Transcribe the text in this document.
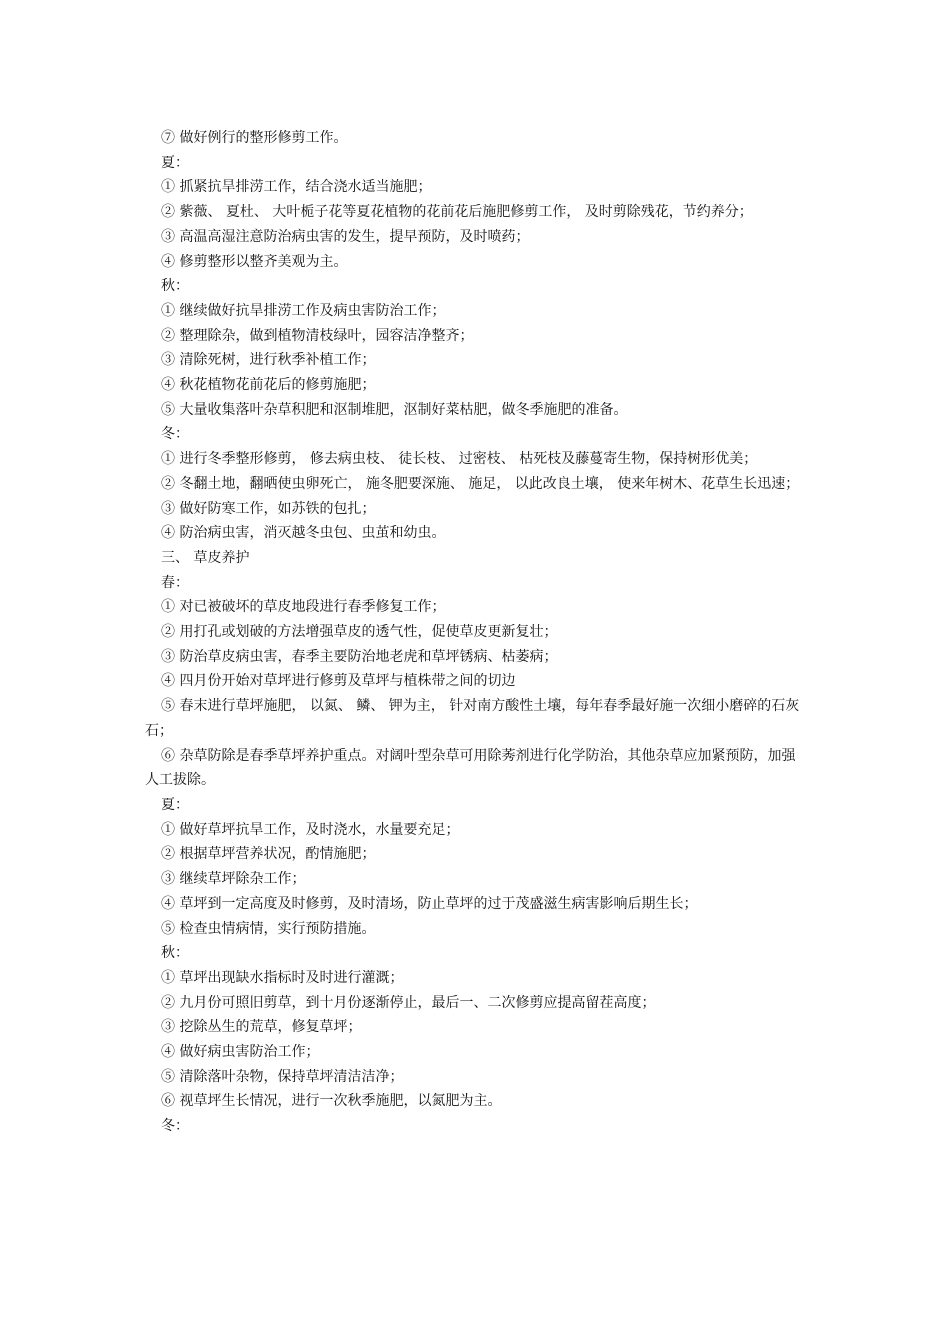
⑦ 做好例行的整形修剪工作。

夏：

① 抓紧抗旱排涝工作，结合浇水适当施肥；

② 紫薇、 夏杜、 大叶栀子花等夏花植物的花前花后施肥修剪工作， 及时剪除残花，节约养分；

③ 高温高湿注意防治病虫害的发生，提早预防，及时喷药；

④ 修剪整形以整齐美观为主。

秋：

① 继续做好抗旱排涝工作及病虫害防治工作；

② 整理除杂，做到植物清枝绿叶，园容洁净整齐；

③ 清除死树，进行秋季补植工作；

④ 秋花植物花前花后的修剪施肥；

⑤ 大量收集落叶杂草积肥和沤制堆肥，沤制好菜枯肥，做冬季施肥的准备。

冬：

① 进行冬季整形修剪， 修去病虫枝、 徒长枝、 过密枝、 枯死枝及藤蔓寄生物，保持树形优美；

② 冬翻土地，翻晒使虫卵死亡， 施冬肥要深施、 施足， 以此改良土壤， 使来年树木、花草生长迅速；

③ 做好防寒工作，如苏铁的包扎；

④ 防治病虫害，消灭越冬虫包、虫茧和幼虫。

三、 草皮养护

春：

① 对已被破坏的草皮地段进行春季修复工作；

② 用打孔或划破的方法增强草皮的透气性，促使草皮更新复壮；

③ 防治草皮病虫害，春季主要防治地老虎和草坪锈病、枯萎病；

④ 四月份开始对草坪进行修剪及草坪与植株带之间的切边

⑤ 春末进行草坪施肥， 以氮、 鳞、 钾为主， 针对南方酸性土壤，每年春季最好施一次细小磨碎的石灰石；

⑥ 杂草防除是春季草坪养护重点。对阔叶型杂草可用除莠剂进行化学防治，其他杂草应加紧预防，加强人工拔除。

夏：

① 做好草坪抗旱工作，及时浇水，水量要充足；

② 根据草坪营养状况，酌情施肥；

③ 继续草坪除杂工作；

④ 草坪到一定高度及时修剪，及时清场，防止草坪的过于茂盛滋生病害影响后期生长；

⑤ 检查虫情病情，实行预防措施。

秋：

① 草坪出现缺水指标时及时进行灌溉；

② 九月份可照旧剪草，到十月份逐渐停止，最后一、二次修剪应提高留茬高度；

③ 挖除丛生的荒草，修复草坪；

④ 做好病虫害防治工作；

⑤ 清除落叶杂物，保持草坪清洁洁净；

⑥ 视草坪生长情况，进行一次秋季施肥，以氮肥为主。

冬：
